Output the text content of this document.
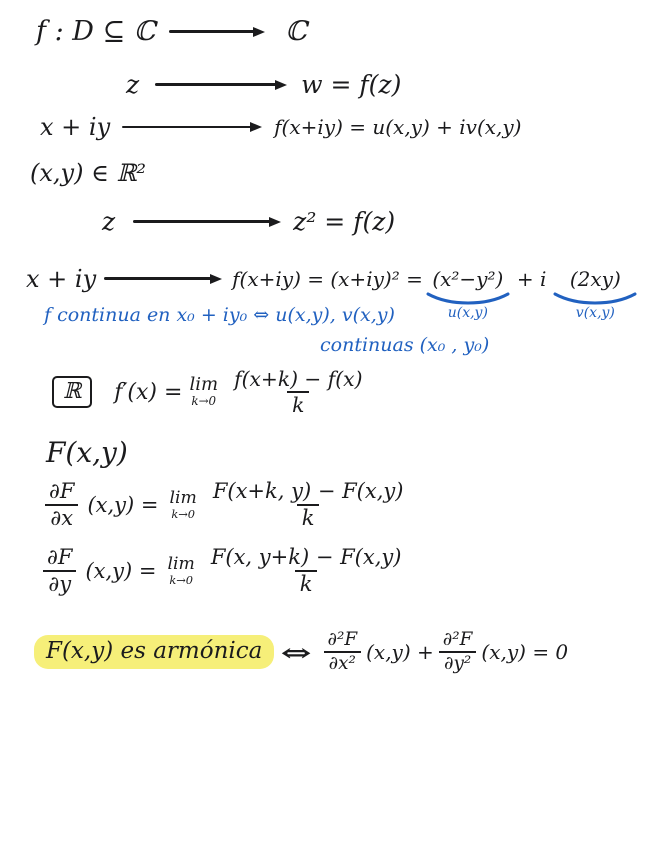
f : D ⊆ ℂ	ℂ
z	w = f(z)
x + iy	f(x+iy) = u(x,y) + iv(x,y)
(x,y) ∈ ℝ²
z	z² = f(z)
x + iy	f(x+iy) = (x+iy)² = (x²−y²)
u(x,y)
+ i (2xy)
v(x,y)
f continua en x₀ + iy₀ ⇔ u(x,y), v(x,y)
continuas (x₀ , y₀)
ℝ	f′(x) = lim
$k\to 0 \frac{f(x+k) - f(x)}{k}$
F(x,y)
$\frac{\partial F}{\partial x} (x,y) = \lim$
$k\to 0 \frac{F(x+k, y) - F(x,y)}{k}$
$\frac{\partial F}{\partial y} (x,y) = \lim$
$k\to 0 \frac{F(x, y+k) - F(x,y)}{k}$
F(x,y) es armónica ⇔ $\frac{\text{∂²F}}{\text{∂x²}} (x,y) + \frac{\text{∂²F}}{\text{∂y²}} (x,y) = 0$
